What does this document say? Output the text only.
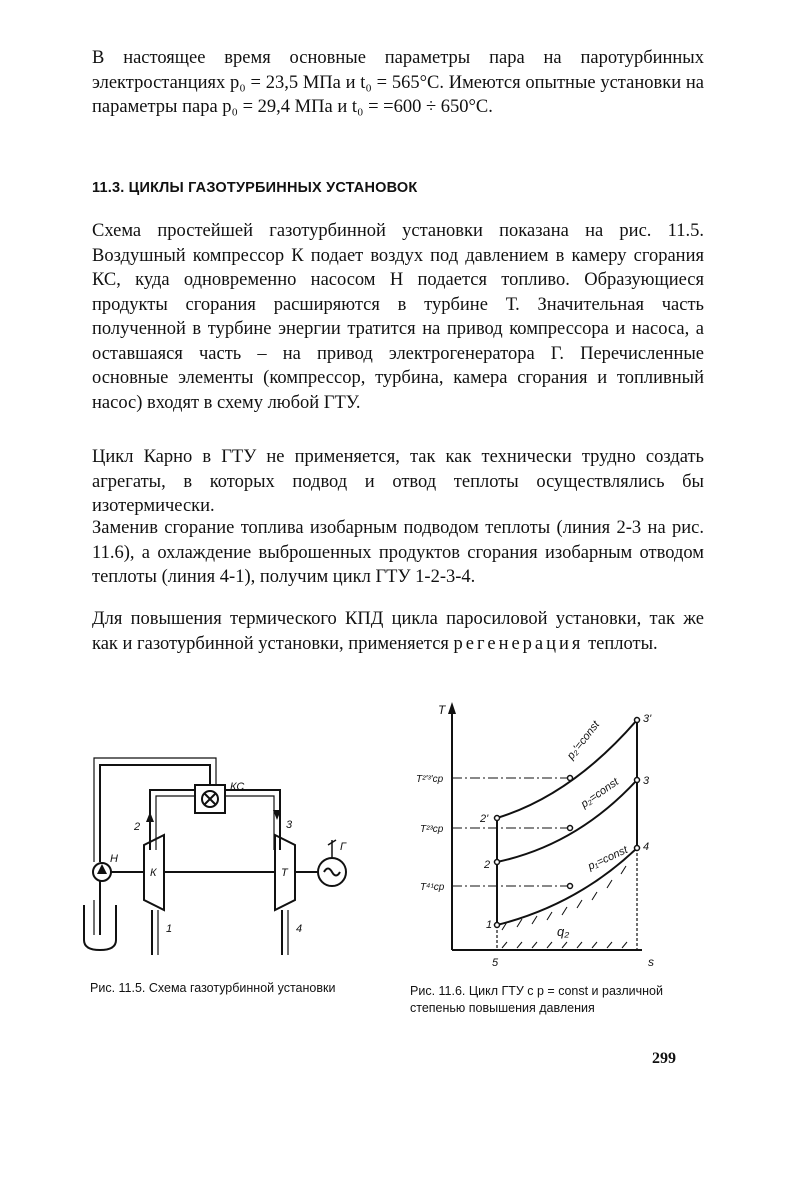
В настоящее время основные параметры пара на паротурбинных электростанциях p₀ = 23,5 МПа и t₀ = 565°С. Имеются опытные установки на параметры пара p₀ = 29,4 МПа и t₀ = =600 ÷ 650°С.

11.3. ЦИКЛЫ ГАЗОТУРБИННЫХ УСТАНОВОК

Схема простейшей газотурбинной установки показана на рис. 11.5. Воздушный компрессор К подает воздух под давлением в камеру сгорания КС, куда одновременно насосом Н подается топливо. Образующиеся продукты сгорания расширяются в турбине Т. Значительная часть полученной в турбине энергии тратится на привод компрессора и насоса, а оставшаяся часть – на привод электрогенератора Г. Перечисленные основные элементы (компрессор, турбина, камера сгорания и топливный насос) входят в схему любой ГТУ.

Цикл Карно в ГТУ не применяется, так как технически трудно создать агрегаты, в которых подвод и отвод теплоты осуществлялись бы изотермически.

Заменив сгорание топлива изобарным подводом теплоты (линия 2-3 на рис. 11.6), а охлаждение выброшенных продуктов сгорания изобарным отводом теплоты (линия 4-1), получим цикл ГТУ 1-2-3-4.

Для повышения термического КПД цикла паросиловой установки, так же как и газотурбинной установки, применяется регенерация теплоты.

КС
2	3
Н
К	Т
Г
1	4
T
s
p₂'=const
p₂=const
p₁=const
1
2
2'
3
3'
4
5
T²'³'ср
T²³ср
T⁴¹ср
q₂

Рис. 11.5. Схема газотурбинной установки	Рис. 11.6. Цикл ГТУ с p = const и различной степенью повышения давления

299
